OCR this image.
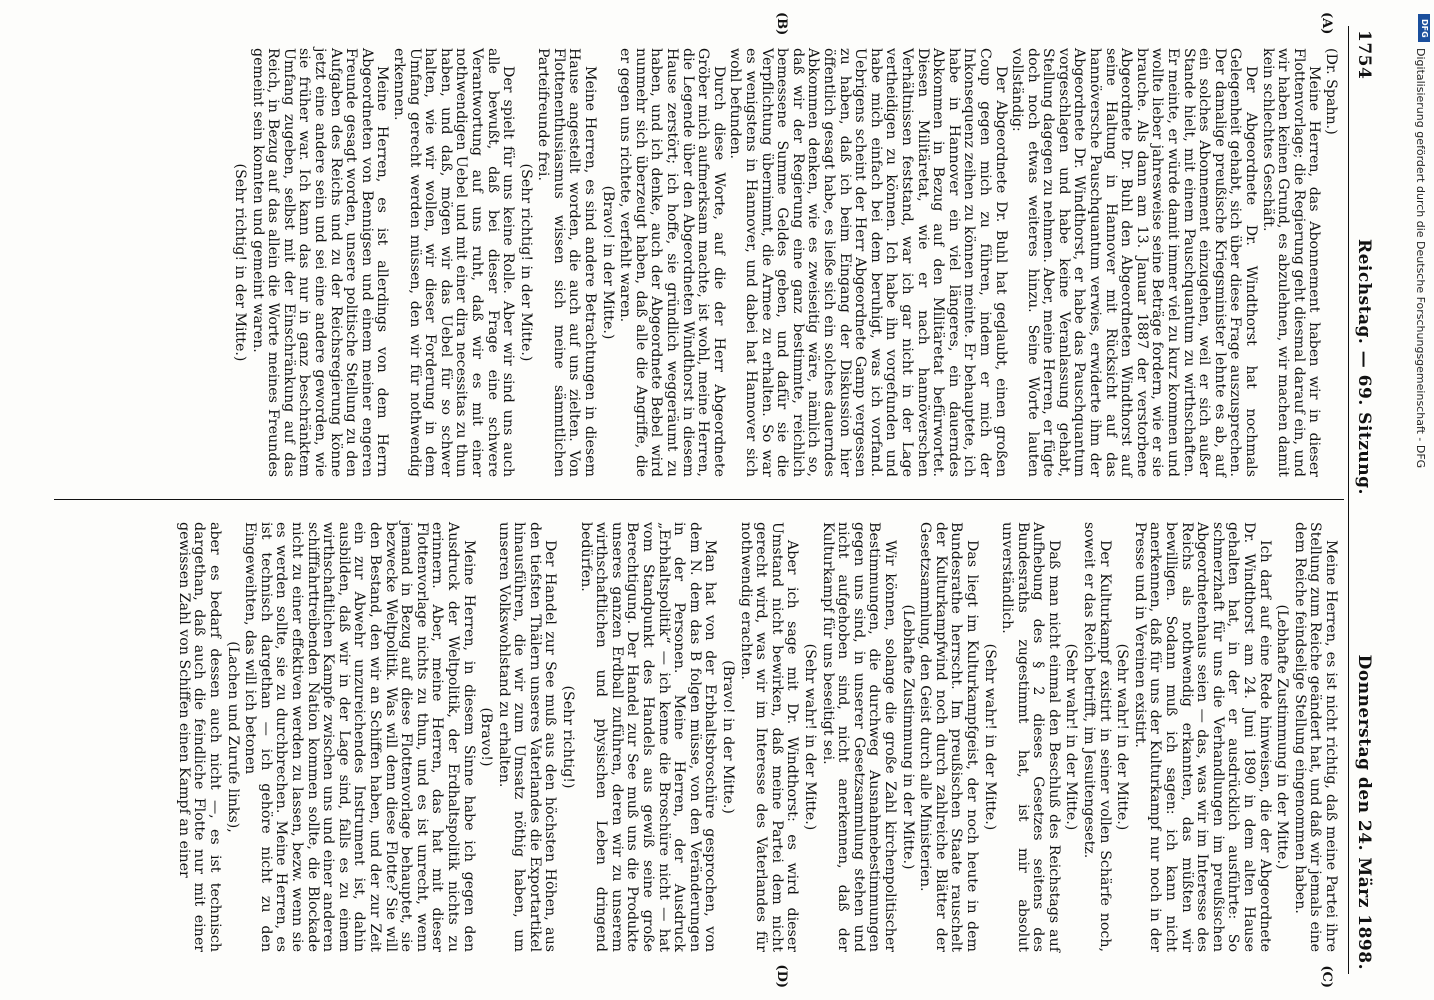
1754
Reichstag. — 69. Sitzung.
Donnerstag den 24. März 1898.
(A)
(B)

(Dr. Spahn.)

Meine Herren, das Abonnement haben wir in dieser Flottenvorlage; die Regierung geht diesmal darauf ein, und wir haben keinen Grund, es abzulehnen, wir machen damit kein schlechtes Geschäft.

Der Abgeordnete Dr. Windthorst hat nochmals Gelegenheit gehabt, sich über diese Frage auszusprechen. Der damalige preußische Kriegsminister lehnte es ab, auf ein solches Abonnement einzugehen, weil er sich außer Stande hielt, mit einem Pauschquantum zu wirthschaften. Er meinte, er würde damit immer viel zu kurz kommen und wollte lieber jahresweise seine Beträge fordern, wie er sie brauche. Als dann am 13. Januar 1887 der verstorbene Abgeordnete Dr. Buhl den Abgeordneten Windthorst auf seine Haltung in Hannover mit Rücksicht auf das hannöversche Pauschquantum verwies, erwiderte ihm der Abgeordnete Dr. Windthorst, er habe das Pauschquantum vorgeschlagen und habe keine Veranlassung gehabt, Stellung dagegen zu nehmen. Aber, meine Herren, er fügte doch noch etwas weiteres hinzu. Seine Worte lauten vollständig:

Der Abgeordnete Dr. Buhl hat geglaubt, einen großen Coup gegen mich zu führen, indem er mich der Inkonsequenz zeihen zu können meinte. Er behauptete, ich habe in Hannover ein viel längeres, ein dauerndes Abkommen in Bezug auf den Militäretat befürwortet. Diesen Militäretat, wie er nach hannöverschen Verhältnissen feststand, war ich gar nicht in der Lage vertheidigen zu können. Ich habe ihn vorgefunden und habe mich einfach bei dem beruhigt, was ich vorfand. Uebrigens scheint der Herr Abgeordnete Gamp vergessen zu haben, daß ich beim Eingang der Diskussion hier öffentlich gesagt habe, es ließe sich ein solches dauerndes Abkommen denken, wie es zweiseitig wäre, nämlich so, daß wir der Regierung eine ganz bestimmte, reichlich bemessene Summe Geldes geben, und dafür sie die Verpflichtung übernimmt, die Armee zu erhalten. So war es wenigstens in Hannover, und dabei hat Hannover sich wohl befunden.

Durch diese Worte, auf die der Herr Abgeordnete Gröber mich aufmerksam machte, ist wohl, meine Herren, die Legende über den Abgeordneten Windthorst in diesem Hause zerstört; ich hoffe, sie gründlich weggeräumt zu haben, und ich denke, auch der Abgeordnete Bebel wird nunmehr sich überzeugt haben, daß alle die Angriffe, die er gegen uns richtete, verfehlt waren.

(Bravo! in der Mitte.)

Meine Herren, es sind andere Betrachtungen in diesem Hause angestellt worden, die auch auf uns zielten. Von Flottenenthusiasmus wissen sich meine sämmtlichen Parteifreunde frei.

(Sehr richtig! in der Mitte.)

Der spielt für uns keine Rolle. Aber wir sind uns auch alle bewußt, daß bei dieser Frage eine schwere Verantwortung auf uns ruht, daß wir es mit einer nothwendigen Uebel und mit einer dira necessitas zu thun haben, und daß, mögen wir das Uebel für so schwer halten, wie wir wollen, wir dieser Forderung in dem Umfang gerecht werden müssen, den wir für nothwendig erkennen.

Meine Herren, es ist allerdings von dem Herrn Abgeordneten von Bennigsen und einem meiner engeren Freunde gesagt worden, unsere politische Stellung zu den Aufgaben des Reichs und zu der Reichsregierung könne jetzt eine andere sein und sei eine andere geworden, wie sie früher war. Ich kann das nur in ganz beschränktem Umfang zugeben, selbst mit der Einschränkung auf das Reich, in Bezug auf das allein die Worte meines Freundes gemeint sein konnten und gemeint waren.

(Sehr richtig! in der Mitte.)

(C)
(D)

Meine Herren, es ist nicht richtig, daß meine Partei ihre Stellung zum Reiche geändert hat, und daß wir jemals eine dem Reiche feindselige Stellung eingenommen haben.

(Lebhafte Zustimmung in der Mitte.)

Ich darf auf eine Rede hinweisen, die der Abgeordnete Dr. Windthorst am 24. Juni 1890 in dem alten Hause gehalten hat, in der er ausdrücklich ausführte: So schmerzhaft für uns die Verhandlungen im preußischen Abgeordnetenhaus seien — das, was wir im Interesse des Reichs als nothwendig erkannten, das müßten wir bewilligen. Sodann muß ich sagen: ich kann nicht anerkennen, daß für uns der Kulturkampf nur noch in der Presse und in Vereinen existirt.

(Sehr wahr! in der Mitte.)

Der Kulturkampf existirt in seiner vollen Schärfe noch, soweit er das Reich betrifft, im Jesuitengesetz.

(Sehr wahr! in der Mitte.)

Daß man nicht einmal den Beschluß des Reichstags auf Aufhebung des § 2 dieses Gesetzes seitens des Bundesraths zugestimmt hat, ist mir absolut unverständlich.

(Sehr wahr! in der Mitte.)

Das liegt im Kulturkampfgeist, der noch heute in dem Bundesrathe herrscht. Im preußischen Staate rauschelt der Kulturkampfwind noch durch zahlreiche Blätter der Gesetzsammlung, den Geist durch alle Ministerien.

(Lebhafte Zustimmung in der Mitte.)

Wir können, solange die große Zahl kirchenpolitischer Bestimmungen, die durchweg Ausnahmebestimmungen gegen uns sind, in unserer Gesetzsammlung stehen und nicht aufgehoben sind, nicht anerkennen, daß der Kulturkampf für uns beseitigt sei.

(Sehr wahr! in der Mitte.)

Aber ich sage mit Dr. Windthorst: es wird dieser Umstand nicht bewirken, daß meine Partei dem nicht gerecht wird, was wir im Interesse des Vaterlandes für nothwendig erachten.

(Bravo! in der Mitte.)

Man hat von der Erbhaltsbroschüre gesprochen, von dem N. dem das B folgen müsse, von den Veränderungen in der Personen. Meine Herren, der Ausdruck „Erbhaltspolitik“ — ich kenne die Broschüre nicht — hat vom Standpunkt des Handels aus gewiß seine große Berechtigung. Der Handel zur See muß uns die Produkte unseres ganzen Erdball zuführen, deren wir zu unserem wirthschaftlichen und physischen Leben dringend bedürfen.

(Sehr richtig!)

Der Handel zur See muß aus den höchsten Höhen, aus den tiefsten Thälern unseres Vaterlandes die Exportartikel hinausführen, die wir zum Umsatz nöthig haben, um unseren Volkswohlstand zu erhalten.

(Bravo!)

Meine Herren, in diesem Sinne habe ich gegen den Ausdruck der Weltpolitik, der Erdhaltspolitik nichts zu erinnern. Aber, meine Herren, das hat mit dieser Flottenvorlage nichts zu thun, und es ist unrecht, wenn jemand in Bezug auf diese Flottenvorlage behauptet, sie bezwecke Weltpolitik. Was will denn diese Flotte? Sie will den Bestand, den wir an Schiffen haben, und der zur Zeit ein zur Abwehr unzureichendes Instrument ist, dahin ausbilden, daß wir in der Lage sind, falls es zu einem wirthschaftlichen Kampfe zwischen uns und einer anderen schifffahrttreibenden Nation kommen sollte, die Blockade nicht zu einer effektiven werden zu lassen, bezw. wenn sie es werden sollte, sie zu durchbrechen. Meine Herren, es ist technisch dargethan — ich gehöre nicht zu den Eingeweihten, das will ich betonen

(Lachen und Zurufe links),

aber es bedarf dessen auch nicht —, es ist technisch dargethan, daß auch die feindliche Flotte nur mit einer gewissen Zahl von Schiffen einen Kampf an einer

DFG
Digitalisierung gefördert durch die Deutsche Forschungsgemeinschaft - DFG
